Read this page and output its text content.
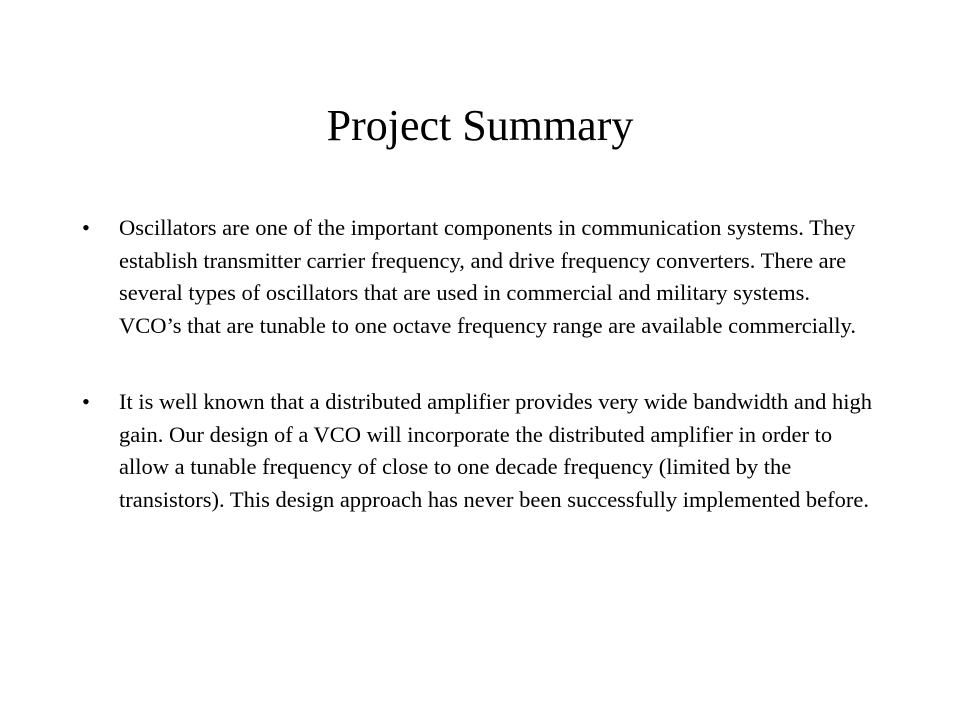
Project Summary
•	Oscillators are one of the important components in communication systems. They establish transmitter carrier frequency, and drive frequency converters. There are several types of oscillators that are used in commercial and military systems. VCO’s that are tunable to one octave frequency range are available commercially.
•	It is well known that a distributed amplifier provides very wide bandwidth and high gain. Our design of a VCO will incorporate the distributed amplifier in order to allow a tunable frequency of close to one decade frequency (limited by the transistors). This design approach has never been successfully implemented before.
